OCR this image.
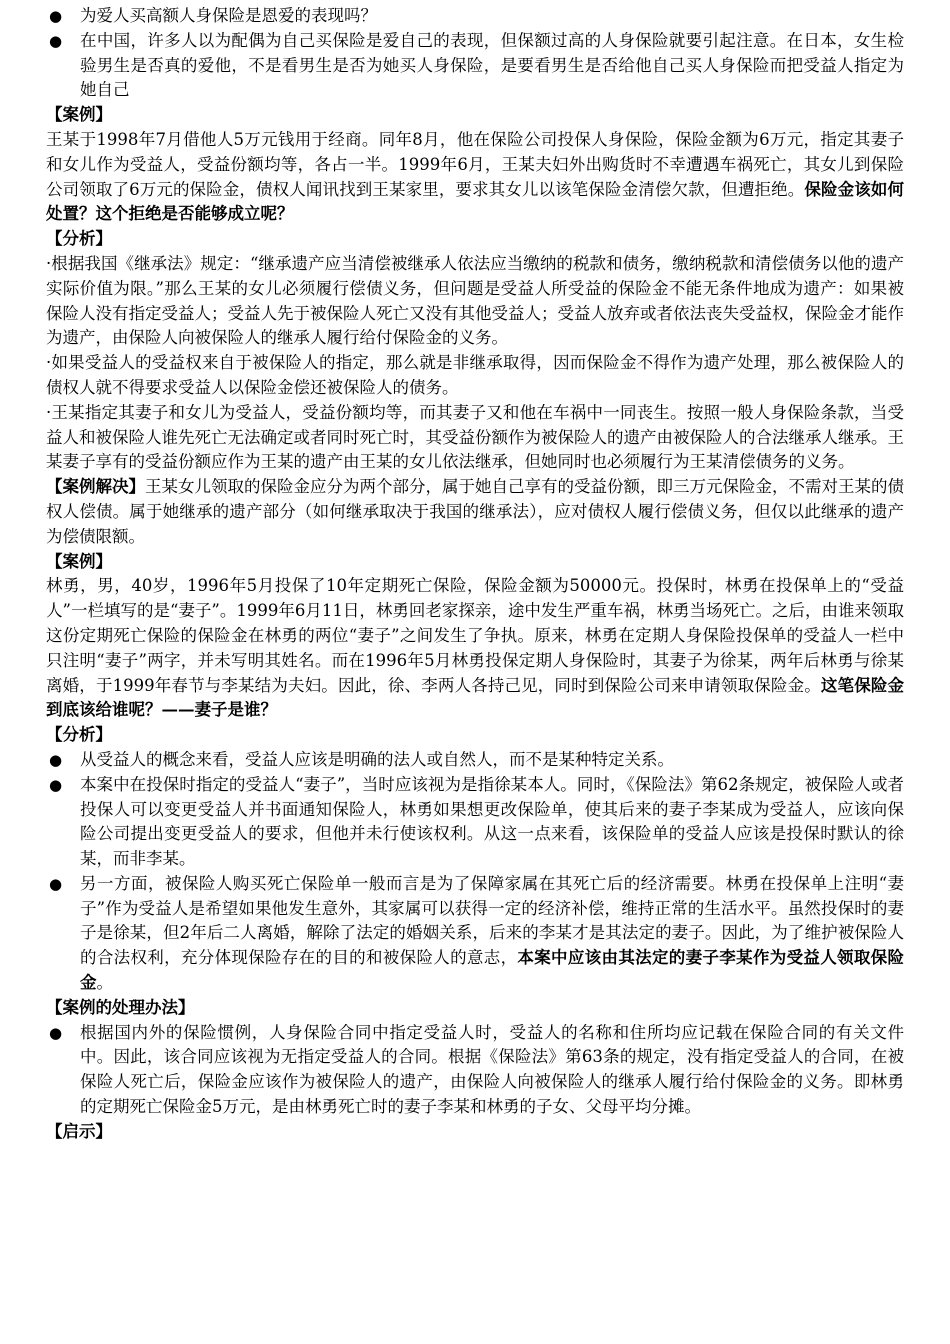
● 为爱人买高额人身保险是恩爱的表现吗？
● 在中国，许多人以为配偶为自己买保险是爱自己的表现，但保额过高的人身保险就要引起注意。在日本，女生检验男生是否真的爱他，不是看男生是否为她买人身保险，是要看男生是否给他自己买人身保险而把受益人指定为她自己
【案例】

王某于1998年7月借他人5万元钱用于经商。同年8月，他在保险公司投保人身保险，保险金额为6万元，指定其妻子和女儿作为受益人，受益份额均等，各占一半。1999年6月，王某夫妇外出购货时不幸遭遇车祸死亡，其女儿到保险公司领取了6万元的保险金，债权人闻讯找到王某家里，要求其女儿以该笔保险金清偿欠款，但遭拒绝。保险金该如何处置？这个拒绝是否能够成立呢？

【分析】

·根据我国《继承法》规定：“继承遗产应当清偿被继承人依法应当缴纳的税款和债务，缴纳税款和清偿债务以他的遗产实际价值为限。”那么王某的女儿必须履行偿债义务，但问题是受益人所受益的保险金不能无条件地成为遗产：如果被保险人没有指定受益人；受益人先于被保险人死亡又没有其他受益人；受益人放弃或者依法丧失受益权，保险金才能作为遗产，由保险人向被保险人的继承人履行给付保险金的义务。

·如果受益人的受益权来自于被保险人的指定，那么就是非继承取得，因而保险金不得作为遗产处理，那么被保险人的债权人就不得要求受益人以保险金偿还被保险人的债务。

·王某指定其妻子和女儿为受益人，受益份额均等，而其妻子又和他在车祸中一同丧生。按照一般人身保险条款，当受益人和被保险人谁先死亡无法确定或者同时死亡时，其受益份额作为被保险人的遗产由被保险人的合法继承人继承。王某妻子享有的受益份额应作为王某的遗产由王某的女儿依法继承，但她同时也必须履行为王某清偿债务的义务。

【案例解决】王某女儿领取的保险金应分为两个部分，属于她自己享有的受益份额，即三万元保险金，不需对王某的债权人偿债。属于她继承的遗产部分（如何继承取决于我国的继承法），应对债权人履行偿债义务，但仅以此继承的遗产为偿债限额。

【案例】

林勇，男，40岁，1996年5月投保了10年定期死亡保险，保险金额为50000元。投保时，林勇在投保单上的“受益人”一栏填写的是“妻子”。1999年6月11日，林勇回老家探亲，途中发生严重车祸，林勇当场死亡。之后，由谁来领取这份定期死亡保险的保险金在林勇的两位“妻子”之间发生了争执。原来，林勇在定期人身保险投保单的受益人一栏中只注明“妻子”两字，并未写明其姓名。而在1996年5月林勇投保定期人身保险时，其妻子为徐某，两年后林勇与徐某离婚，于1999年春节与李某结为夫妇。因此，徐、李两人各持己见，同时到保险公司来申请领取保险金。这笔保险金到底该给谁呢？——妻子是谁？

【分析】
● 从受益人的概念来看，受益人应该是明确的法人或自然人，而不是某种特定关系。
● 本案中在投保时指定的受益人“妻子”，当时应该视为是指徐某本人。同时，《保险法》第62条规定，被保险人或者投保人可以变更受益人并书面通知保险人，林勇如果想更改保险单，使其后来的妻子李某成为受益人，应该向保险公司提出变更受益人的要求，但他并未行使该权利。从这一点来看，该保险单的受益人应该是投保时默认的徐某，而非李某。
● 另一方面，被保险人购买死亡保险单一般而言是为了保障家属在其死亡后的经济需要。林勇在投保单上注明“妻子”作为受益人是希望如果他发生意外，其家属可以获得一定的经济补偿，维持正常的生活水平。虽然投保时的妻子是徐某，但2年后二人离婚，解除了法定的婚姻关系，后来的李某才是其法定的妻子。因此，为了维护被保险人的合法权利，充分体现保险存在的目的和被保险人的意志，本案中应该由其法定的妻子李某作为受益人领取保险金。
【案例的处理办法】
● 根据国内外的保险惯例，人身保险合同中指定受益人时，受益人的名称和住所均应记载在保险合同的有关文件中。因此，该合同应该视为无指定受益人的合同。根据《保险法》第63条的规定，没有指定受益人的合同，在被保险人死亡后，保险金应该作为被保险人的遗产，由保险人向被保险人的继承人履行给付保险金的义务。即林勇的定期死亡保险金5万元，是由林勇死亡时的妻子李某和林勇的子女、父母平均分摊。
【启示】
